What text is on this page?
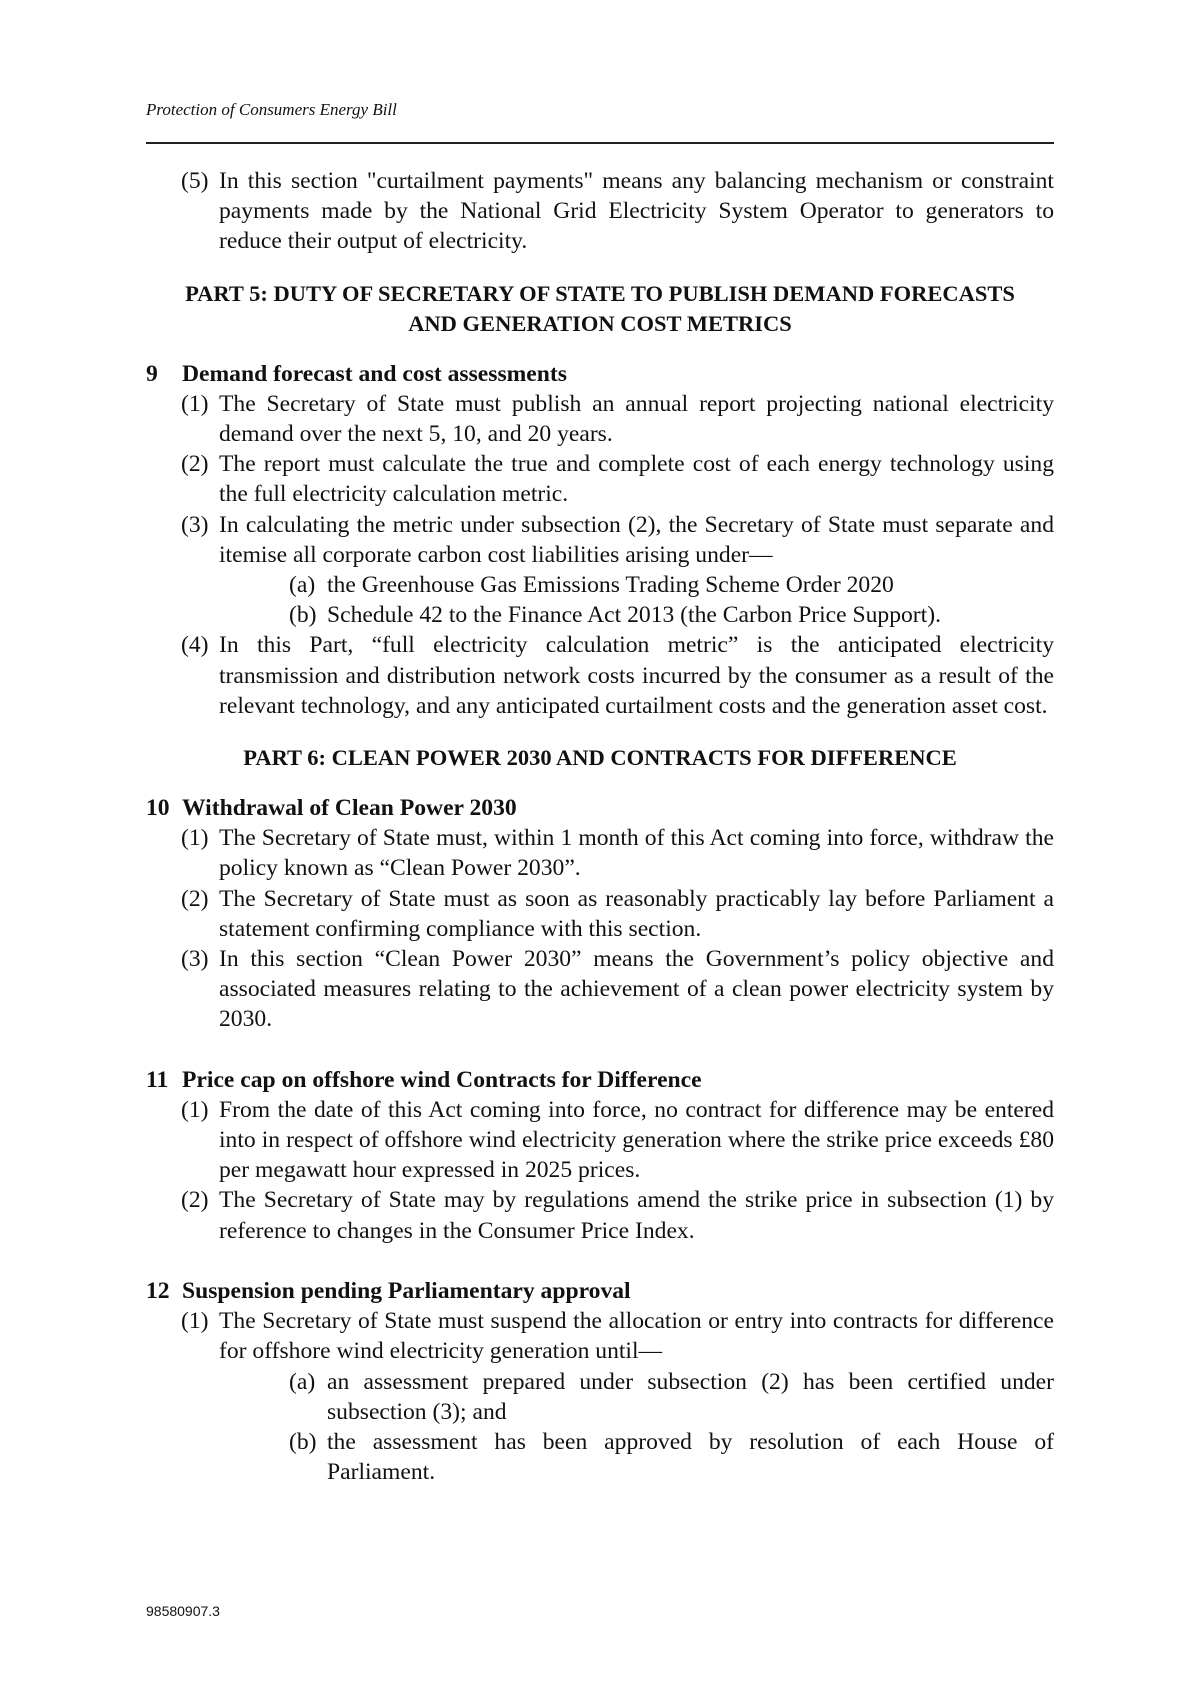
Protection of Consumers Energy Bill
(5) In this section "curtailment payments" means any balancing mechanism or constraint payments made by the National Grid Electricity System Operator to generators to reduce their output of electricity.
PART 5: DUTY OF SECRETARY OF STATE TO PUBLISH DEMAND FORECASTS AND GENERATION COST METRICS
9	Demand forecast and cost assessments
(1) The Secretary of State must publish an annual report projecting national electricity demand over the next 5, 10, and 20 years.
(2) The report must calculate the true and complete cost of each energy technology using the full electricity calculation metric.
(3) In calculating the metric under subsection (2), the Secretary of State must separate and itemise all corporate carbon cost liabilities arising under—
(a) the Greenhouse Gas Emissions Trading Scheme Order 2020
(b) Schedule 42 to the Finance Act 2013 (the Carbon Price Support).
(4) In this Part, “full electricity calculation metric” is the anticipated electricity transmission and distribution network costs incurred by the consumer as a result of the relevant technology, and any anticipated curtailment costs and the generation asset cost.
PART 6: CLEAN POWER 2030 AND CONTRACTS FOR DIFFERENCE
10 Withdrawal of Clean Power 2030
(1) The Secretary of State must, within 1 month of this Act coming into force, withdraw the policy known as “Clean Power 2030”.
(2) The Secretary of State must as soon as reasonably practicably lay before Parliament a statement confirming compliance with this section.
(3) In this section “Clean Power 2030” means the Government’s policy objective and associated measures relating to the achievement of a clean power electricity system by 2030.
11 Price cap on offshore wind Contracts for Difference
(1) From the date of this Act coming into force, no contract for difference may be entered into in respect of offshore wind electricity generation where the strike price exceeds £80 per megawatt hour expressed in 2025 prices.
(2) The Secretary of State may by regulations amend the strike price in subsection (1) by reference to changes in the Consumer Price Index.
12 Suspension pending Parliamentary approval
(1) The Secretary of State must suspend the allocation or entry into contracts for difference for offshore wind electricity generation until—
(a) an assessment prepared under subsection (2) has been certified under subsection (3); and
(b) the assessment has been approved by resolution of each House of Parliament.
98580907.3
